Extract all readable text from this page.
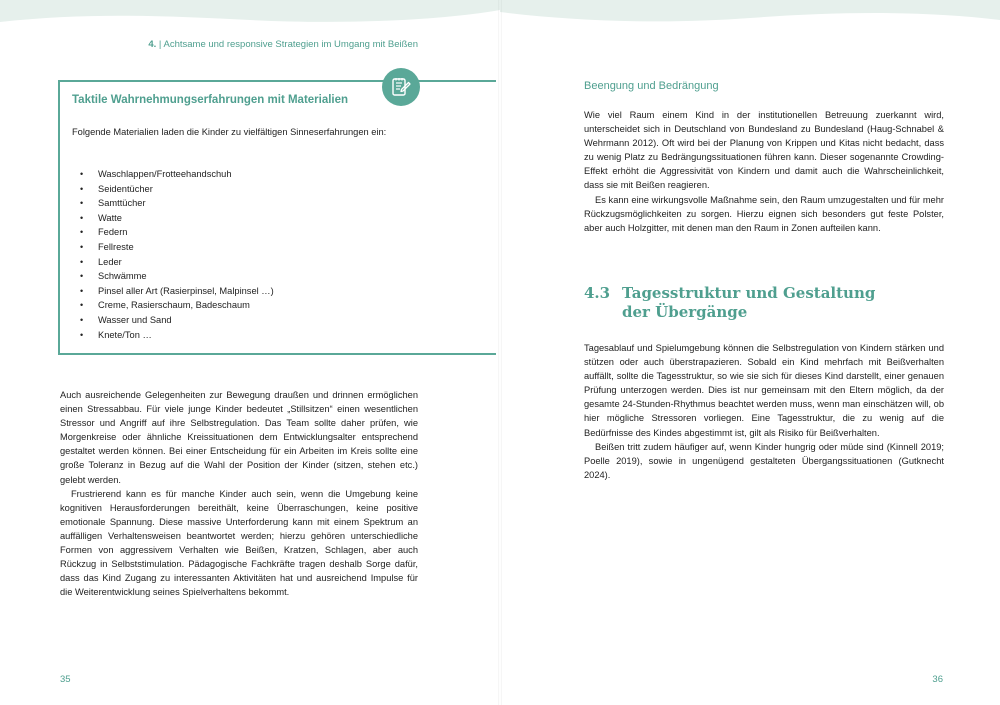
4. | Achtsame und responsive Strategien im Umgang mit Beißen
Taktile Wahrnehmungserfahrungen mit Materialien
Folgende Materialien laden die Kinder zu vielfältigen Sinneserfahrungen ein:
• Waschlappen/Frotteehandschuh
• Seidentücher
• Samttücher
• Watte
• Federn
• Fellreste
• Leder
• Schwämme
• Pinsel aller Art (Rasierpinsel, Malpinsel …)
• Creme, Rasierschaum, Badeschaum
• Wasser und Sand
• Knete/Ton …

Auch ausreichende Gelegenheiten zur Bewegung draußen und drinnen ermöglichen einen Stressabbau. Für viele junge Kinder bedeutet „Stillsitzen“ einen wesentlichen Stressor und Angriff auf ihre Selbstregulation. Das Team sollte daher prüfen, wie Morgenkreise oder ähnliche Kreissituationen dem Entwicklungsalter entsprechend gestaltet werden können. Bei einer Entscheidung für ein Arbeiten im Kreis sollte eine große Toleranz in Bezug auf die Wahl der Position der Kinder (sitzen, stehen etc.) gelebt werden.

Frustrierend kann es für manche Kinder auch sein, wenn die Umgebung keine kognitiven Herausforderungen bereithält, keine Überraschungen, keine positive emotionale Spannung. Diese massive Unterforderung kann mit einem Spektrum an auffälligen Verhaltensweisen beantwortet werden; hierzu gehören unterschiedliche Formen von aggressivem Verhalten wie Beißen, Kratzen, Schlagen, aber auch Rückzug in Selbststimulation. Pädagogische Fachkräfte tragen deshalb Sorge dafür, dass das Kind Zugang zu interessanten Aktivitäten hat und ausreichend Impulse für die Weiterentwicklung seines Spielverhaltens bekommt.

35
Beengung und Bedrängung

Wie viel Raum einem Kind in der institutionellen Betreuung zuerkannt wird, unterscheidet sich in Deutschland von Bundesland zu Bundesland (Haug-Schnabel & Wehrmann 2012). Oft wird bei der Planung von Krippen und Kitas nicht bedacht, dass zu wenig Platz zu Bedrängungssituationen führen kann. Dieser sogenannte Crowding-Effekt erhöht die Aggressivität von Kindern und damit auch die Wahrscheinlichkeit, dass sie mit Beißen reagieren.

Es kann eine wirkungsvolle Maßnahme sein, den Raum umzugestalten und für mehr Rückzugsmöglichkeiten zu sorgen. Hierzu eignen sich besonders gut feste Polster, aber auch Holzgitter, mit denen man den Raum in Zonen aufteilen kann.

4.3 Tagesstruktur und Gestaltung der Übergänge

Tagesablauf und Spielumgebung können die Selbstregulation von Kindern stärken und stützen oder auch überstrapazieren. Sobald ein Kind mehrfach mit Beißverhalten auffällt, sollte die Tagesstruktur, so wie sie sich für dieses Kind darstellt, einer genauen Prüfung unterzogen werden. Dies ist nur gemeinsam mit den Eltern möglich, da der gesamte 24-Stunden-Rhythmus beachtet werden muss, wenn man einschätzen will, ob hier mögliche Stressoren vorliegen. Eine Tagesstruktur, die zu wenig auf die Bedürfnisse des Kindes abgestimmt ist, gilt als Risiko für Beißverhalten.

Beißen tritt zudem häufiger auf, wenn Kinder hungrig oder müde sind (Kinnell 2019; Poelle 2019), sowie in ungenügend gestalteten Übergangssituationen (Gutknecht 2024).

36
